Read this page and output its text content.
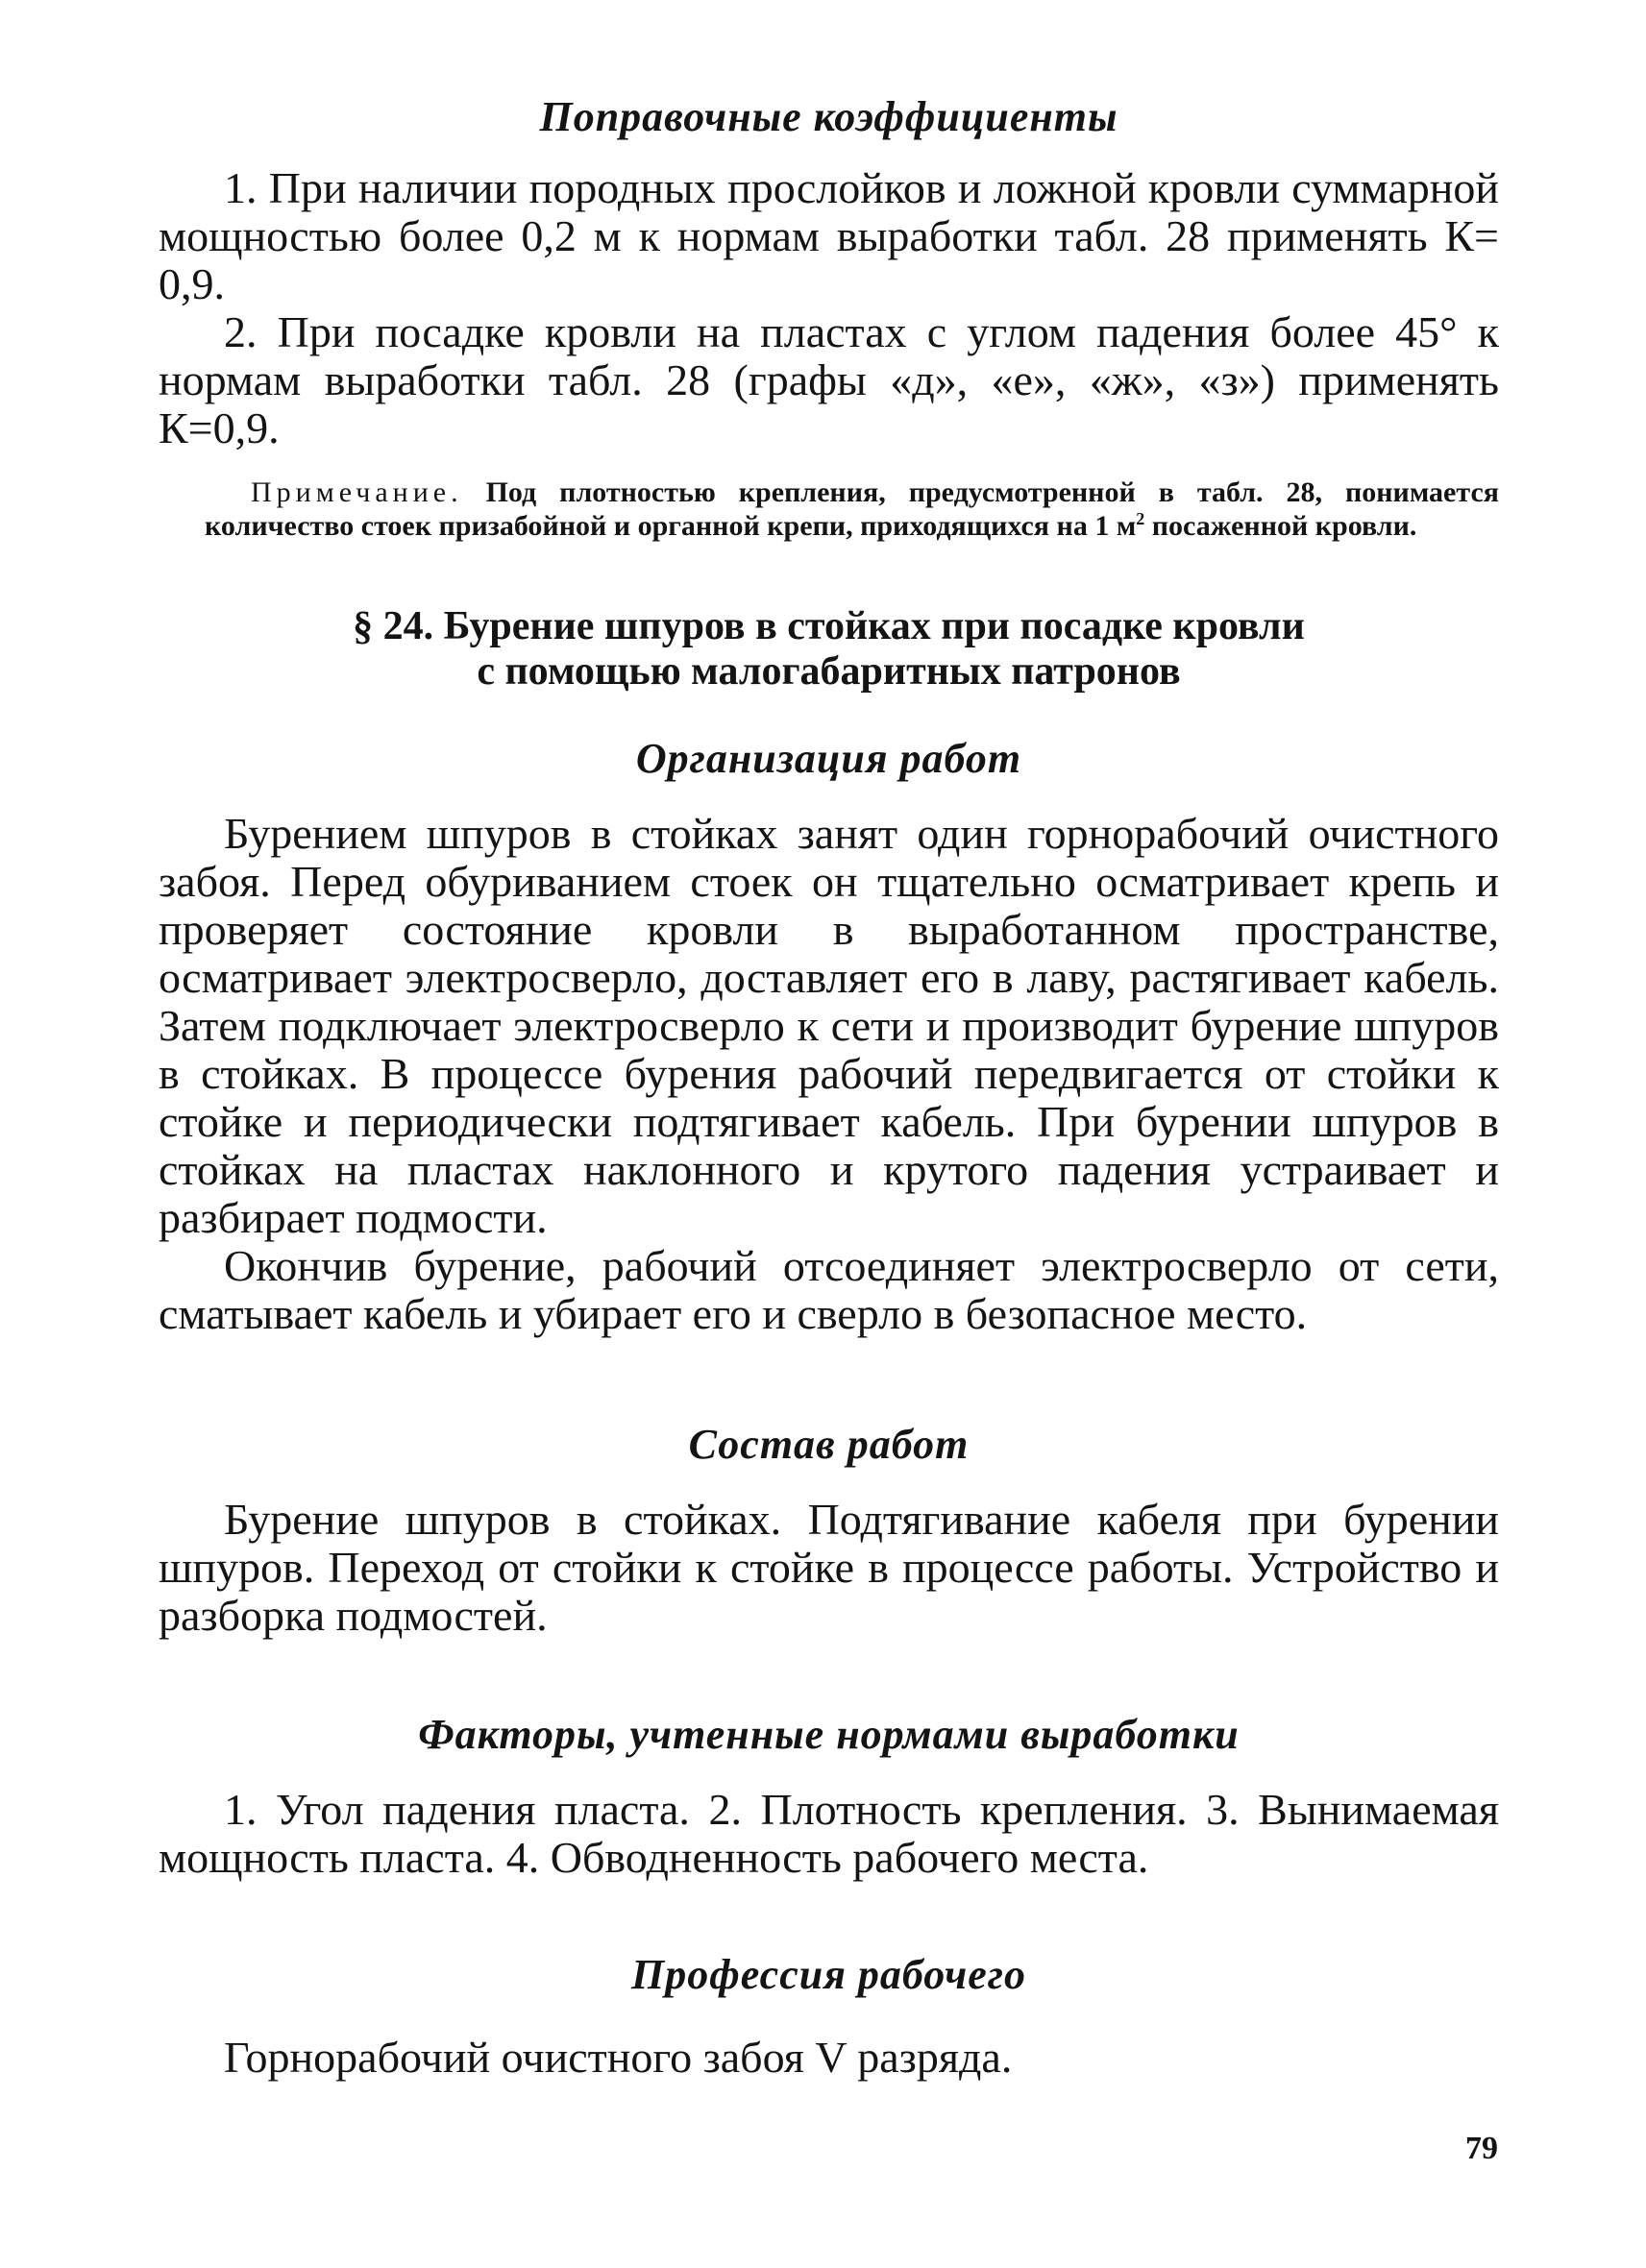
Поправочные коэффициенты

1. При наличии породных прослойков и ложной кровли суммарной мощностью более 0,2 м к нормам выработки табл. 28 применять К= 0,9.

2. При посадке кровли на пластах с углом падения более 45° к нормам выработки табл. 28 (графы «д», «е», «ж», «з») применять К=0,9.

Примечание. Под плотностью крепления, предусмотренной в табл. 28, понимается количество стоек призабойной и органной крепи, приходящихся на 1 $м^2$ посаженной кровли.
§ 24. Бурение шпуров в стойках при посадке кровли
с помощью малогабаритных патронов
Организация работ

Бурением шпуров в стойках занят один горнорабочий очистного забоя. Перед обуриванием стоек он тщательно осматривает крепь и проверяет состояние кровли в выработанном пространстве, осматривает электросверло, доставляет его в лаву, растягивает кабель. Затем подключает электросверло к сети и производит бурение шпуров в стойках. В процессе бурения рабочий передвигается от стойки к стойке и периодически подтягивает кабель. При бурении шпуров в стойках на пластах наклонного и крутого падения устраивает и разбирает подмости.

Окончив бурение, рабочий отсоединяет электросверло от сети, сматывает кабель и убирает его и сверло в безопасное место.

Состав работ

Бурение шпуров в стойках. Подтягивание кабеля при бурении шпуров. Переход от стойки к стойке в процессе работы. Устройство и разборка подмостей.

Факторы, учтенные нормами выработки

1. Угол падения пласта. 2. Плотность крепления. 3. Вынимаемая мощность пласта. 4. Обводненность рабочего места.

Профессия рабочего

Горнорабочий очистного забоя V разряда.

79
